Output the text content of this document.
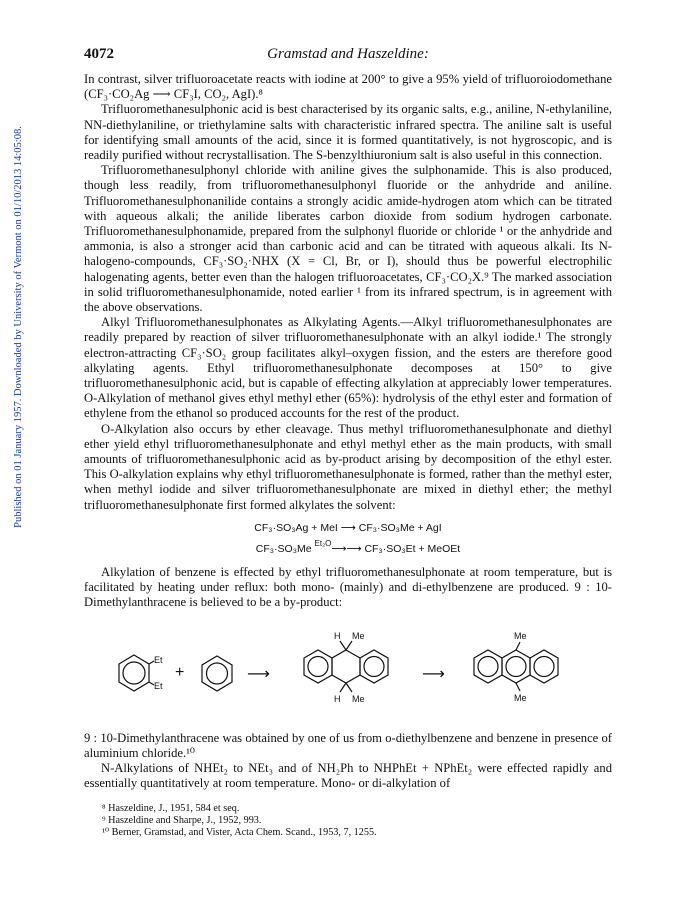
Published on 01 January 1957. Downloaded by University of Vermont on 01/10/2013 14:05:08.
4072	Gramstad and Haszeldine:

In contrast, silver trifluoroacetate reacts with iodine at 200° to give a 95% yield of trifluoroiodomethane (CF₃·CO₂Ag ⟶ CF₃I, CO₂, AgI).⁸

Trifluoromethanesulphonic acid is best characterised by its organic salts, e.g., aniline, N-ethylaniline, NN-diethylaniline, or triethylamine salts with characteristic infrared spectra. The aniline salt is useful for identifying small amounts of the acid, since it is formed quantitatively, is not hygroscopic, and is readily purified without recrystallisation. The S-benzylthiuronium salt is also useful in this connection.

Trifluoromethanesulphonyl chloride with aniline gives the sulphonamide. This is also produced, though less readily, from trifluoromethanesulphonyl fluoride or the anhydride and aniline. Trifluoromethanesulphonanilide contains a strongly acidic amide-hydrogen atom which can be titrated with aqueous alkali; the anilide liberates carbon dioxide from sodium hydrogen carbonate. Trifluoromethanesulphonamide, prepared from the sulphonyl fluoride or chloride ¹ or the anhydride and ammonia, is also a stronger acid than carbonic acid and can be titrated with aqueous alkali. Its N-halogeno-compounds, CF₃·SO₂·NHX (X = Cl, Br, or I), should thus be powerful electrophilic halogenating agents, better even than the halogen trifluoroacetates, CF₃·CO₂X.⁹ The marked association in solid trifluoromethanesulphonamide, noted earlier ¹ from its infrared spectrum, is in agreement with the above observations.

Alkyl Trifluoromethanesulphonates as Alkylating Agents.—Alkyl trifluoromethanesulphonates are readily prepared by reaction of silver trifluoromethanesulphonate with an alkyl iodide.¹ The strongly electron-attracting CF₃·SO₂ group facilitates alkyl–oxygen fission, and the esters are therefore good alkylating agents. Ethyl trifluoromethanesulphonate decomposes at 150° to give trifluoromethanesulphonic acid, but is capable of effecting alkylation at appreciably lower temperatures. O-Alkylation of methanol gives ethyl methyl ether (65%): hydrolysis of the ethyl ester and formation of ethylene from the ethanol so produced accounts for the rest of the product.

O-Alkylation also occurs by ether cleavage. Thus methyl trifluoromethanesulphonate and diethyl ether yield ethyl trifluoromethanesulphonate and ethyl methyl ether as the main products, with small amounts of trifluoromethanesulphonic acid as by-product arising by decomposition of the ethyl ester. This O-alkylation explains why ethyl trifluoromethanesulphonate is formed, rather than the methyl ester, when methyl iodide and silver trifluoromethanesulphonate are mixed in diethyl ether; the methyl trifluoromethanesulphonate first formed alkylates the solvent:

CF₃·SO₃Ag + MeI ⟶ CF₃·SO₃Me + AgI
CF₃·SO₃Me Et₂O⟶⟶ CF₃·SO₃Et + MeOEt

Alkylation of benzene is effected by ethyl trifluoromethanesulphonate at room temperature, but is facilitated by heating under reflux: both mono- (mainly) and di-ethylbenzene are produced. 9 : 10-Dimethylanthracene is believed to be a by-product:

Et
Et
+	⟶
H Me
H Me
⟶
Me
Me

9 : 10-Dimethylanthracene was obtained by one of us from o-diethylbenzene and benzene in presence of aluminium chloride.¹⁰

N-Alkylations of NHEt₂ to NEt₃ and of NH₂Ph to NHPhEt + NPhEt₂ were effected rapidly and essentially quantitatively at room temperature. Mono- or di-alkylation of

⁸ Haszeldine, J., 1951, 584 et seq.
⁹ Haszeldine and Sharpe, J., 1952, 993.
¹⁰ Berner, Gramstad, and Vister, Acta Chem. Scand., 1953, 7, 1255.
